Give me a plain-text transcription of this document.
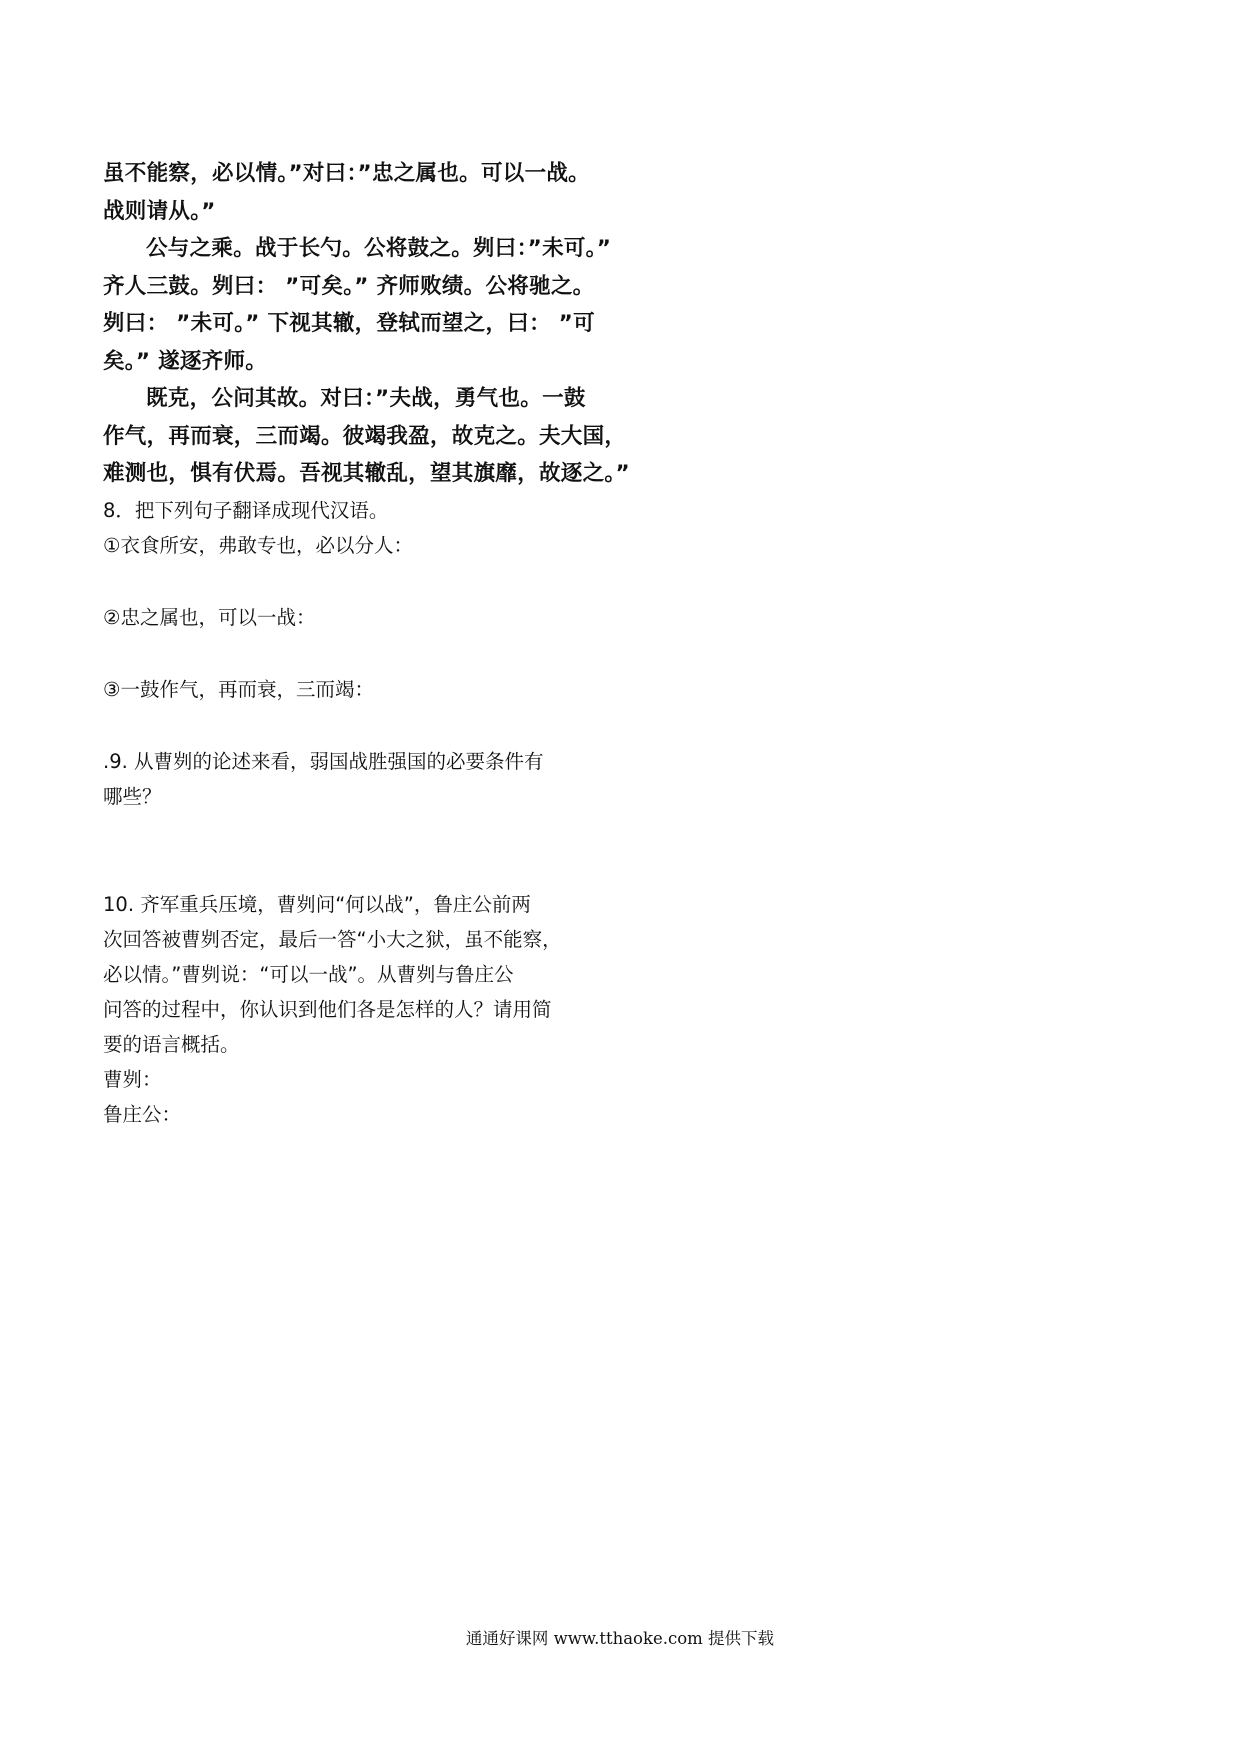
虽不能察，必以情。”对曰：”忠之属也。可以一战。
战则请从。”
公与之乘。战于长勺。公将鼓之。刿曰：”未可。”
齐人三鼓。刿曰： ”可矣。” 齐师败绩。公将驰之。
刿曰： ”未可。” 下视其辙，登轼而望之，曰： ”可
矣。” 遂逐齐师。
既克，公问其故。对曰：”夫战，勇气也。一鼓
作气，再而衰，三而竭。彼竭我盈，故克之。夫大国，
难测也，惧有伏焉。吾视其辙乱，望其旗靡，故逐之。”
8．把下列句子翻译成现代汉语。
①衣食所安，弗敢专也，必以分人：
②忠之属也，可以一战：
③一鼓作气，再而衰，三而竭：
.9. 从曹刿的论述来看，弱国战胜强国的必要条件有
哪些？
10. 齐军重兵压境，曹刿问“何以战”，鲁庄公前两
次回答被曹刿否定，最后一答“小大之狱，虽不能察，
必以情。”曹刿说：“可以一战”。从曹刿与鲁庄公
问答的过程中，你认识到他们各是怎样的人？请用简
要的语言概括。
曹刿：
鲁庄公：
通通好课网 www.tthaoke.com 提供下载
